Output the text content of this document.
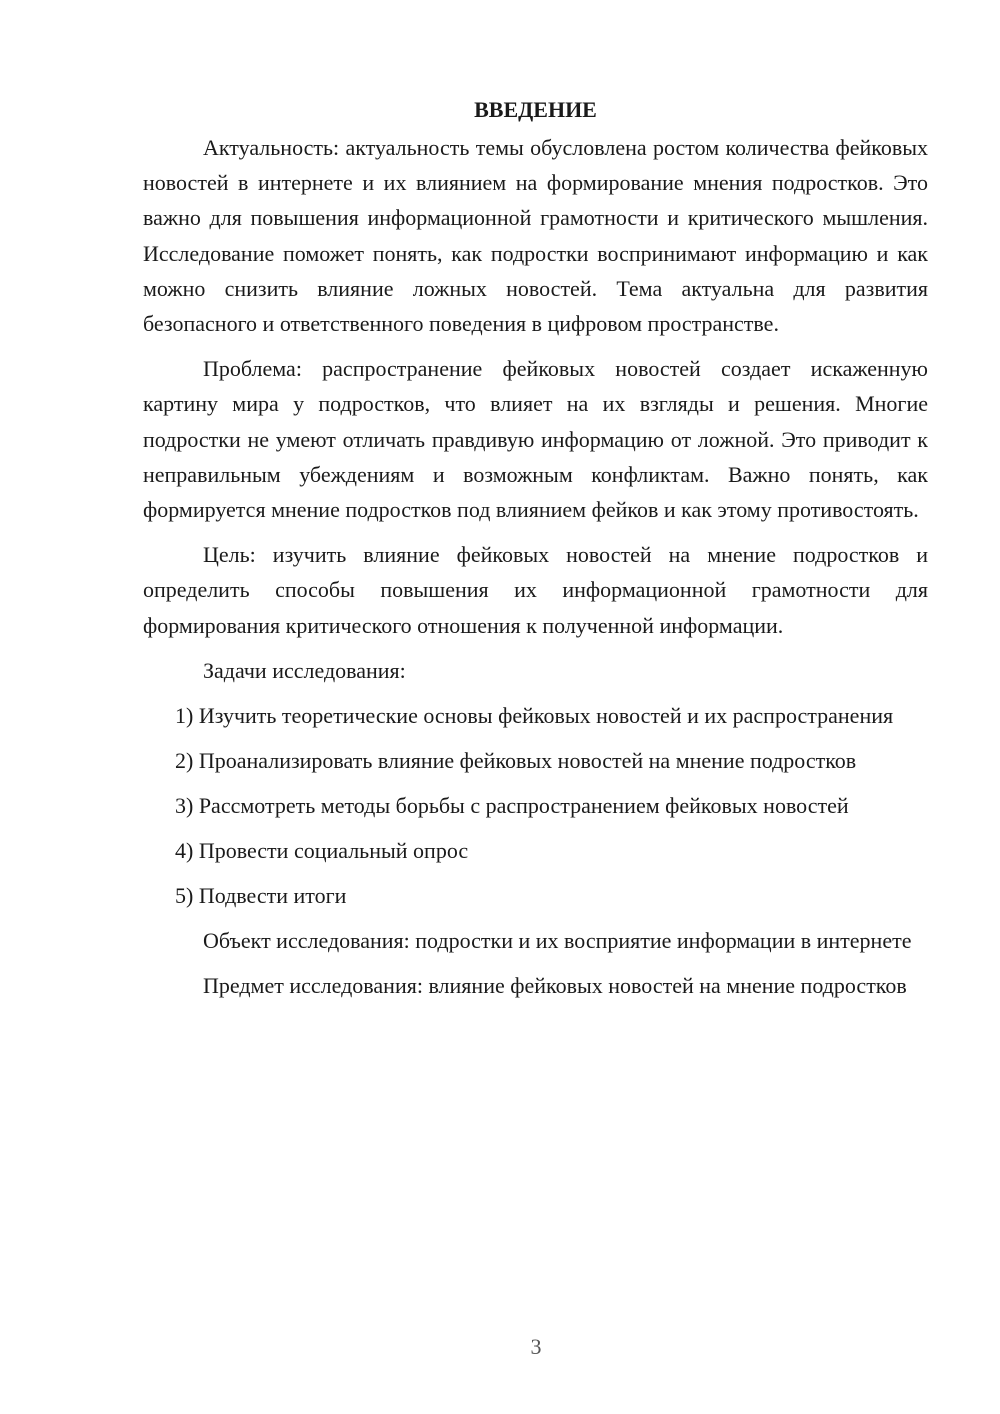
ВВЕДЕНИЕ

Актуальность: актуальность темы обусловлена ростом количества фейковых новостей в интернете и их влиянием на формирование мнения подростков. Это важно для повышения информационной грамотности и критического мышления. Исследование поможет понять, как подростки воспринимают информацию и как можно снизить влияние ложных новостей. Тема актуальна для развития безопасного и ответственного поведения в цифровом пространстве.

Проблема: распространение фейковых новостей создает искаженную картину мира у подростков, что влияет на их взгляды и решения. Многие подростки не умеют отличать правдивую информацию от ложной. Это приводит к неправильным убеждениям и возможным конфликтам. Важно понять, как формируется мнение подростков под влиянием фейков и как этому противостоять.

Цель: изучить влияние фейковых новостей на мнение подростков и определить способы повышения их информационной грамотности для формирования критического отношения к полученной информации.

Задачи исследования:

1) Изучить теоретические основы фейковых новостей и их распространения

2) Проанализировать влияние фейковых новостей на мнение подростков

3) Рассмотреть методы борьбы с распространением фейковых новостей

4) Провести социальный опрос

5) Подвести итоги

Объект исследования: подростки и их восприятие информации в интернете

Предмет исследования: влияние фейковых новостей на мнение подростков

3
